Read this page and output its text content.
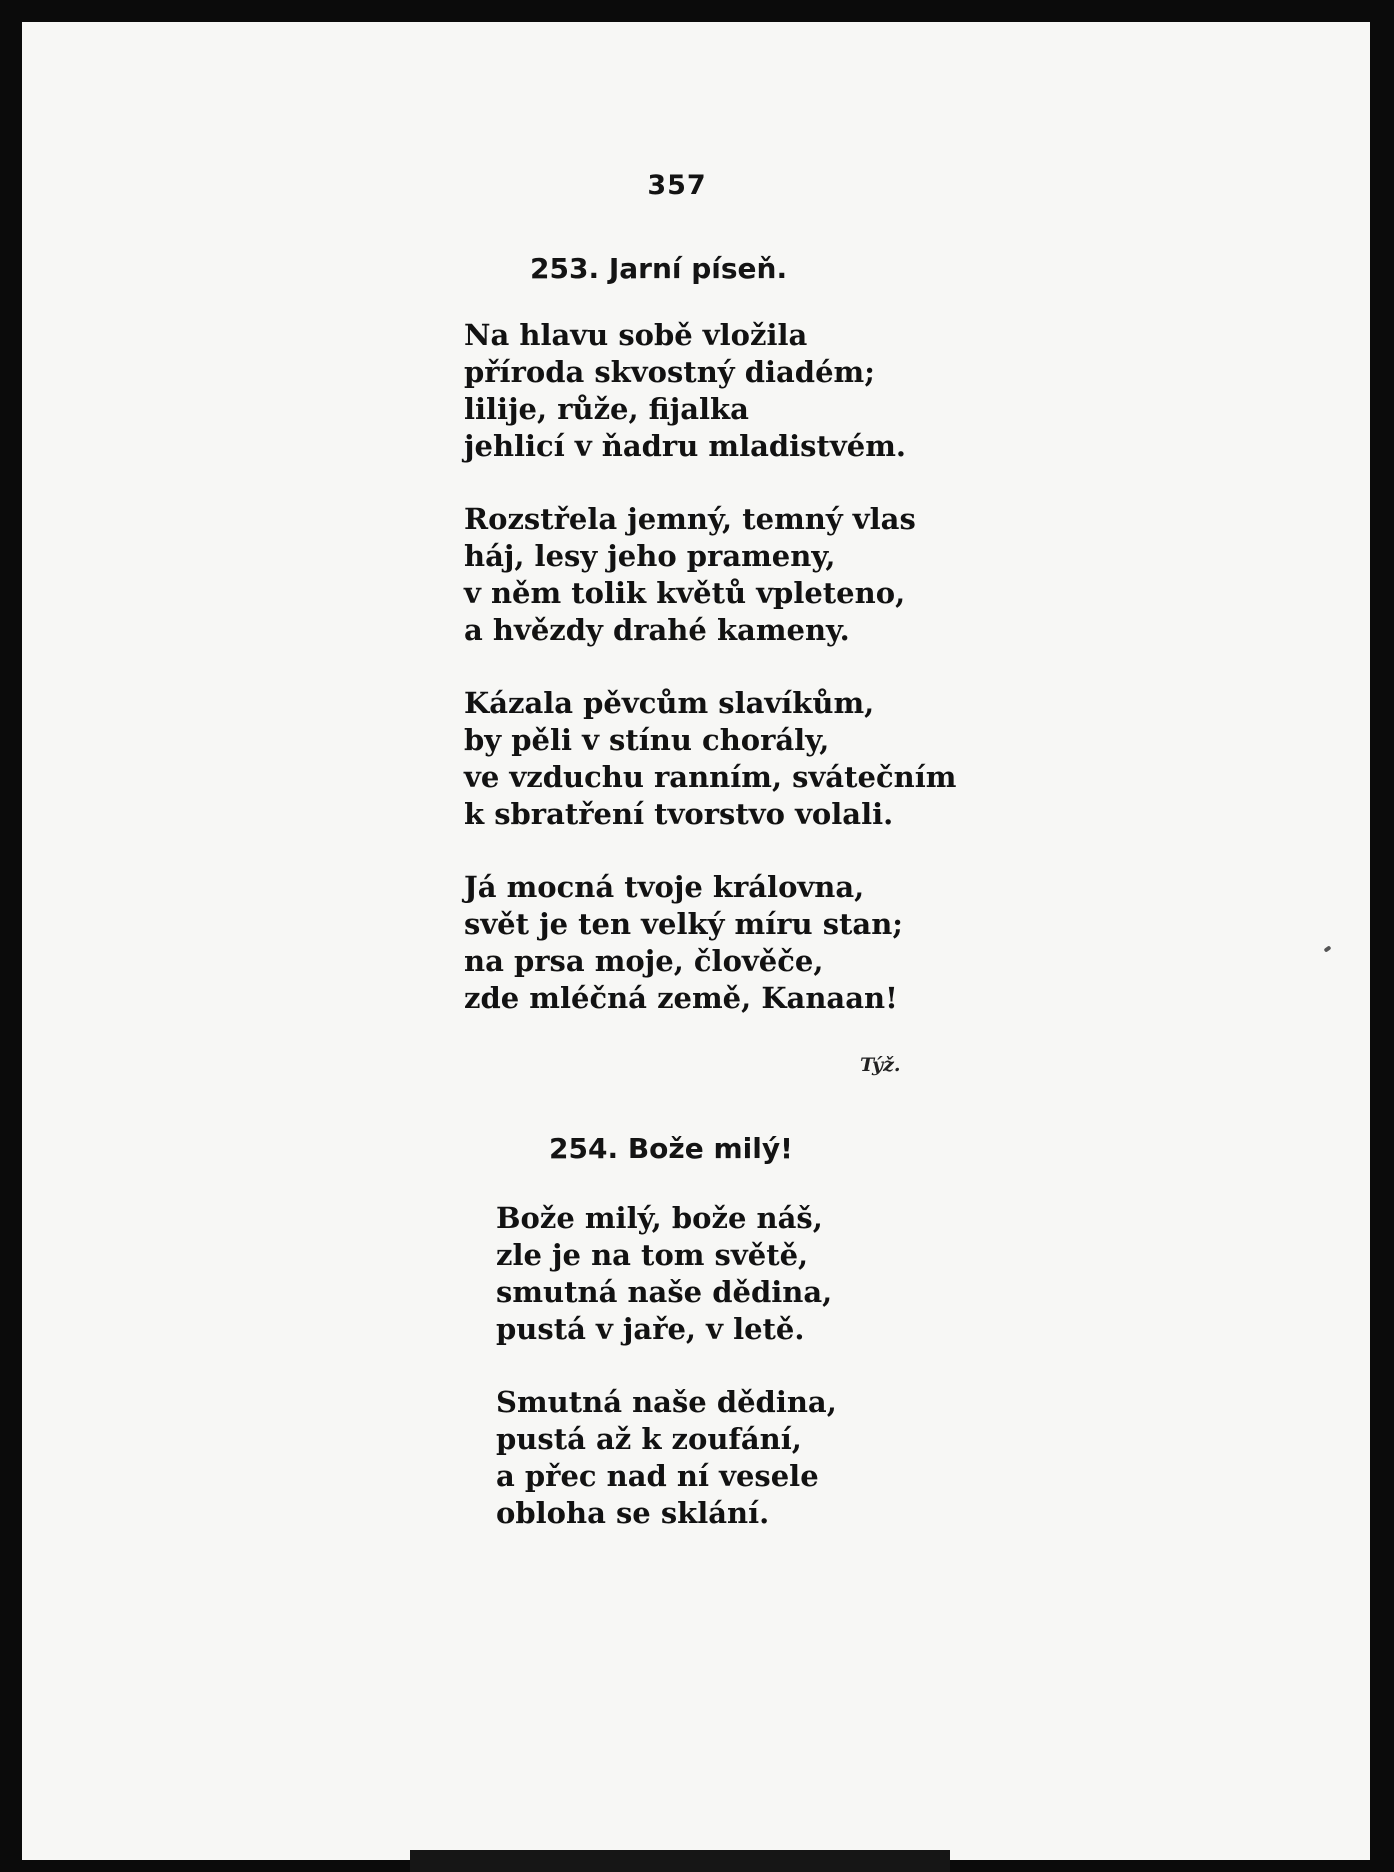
357
253. Jarní píseň.
Na hlavu sobě vložila
příroda skvostný diadém;
lilije, růže, fijalka
jehlicí v ňadru mladistvém.
Rozstřela jemný, temný vlas
háj, lesy jeho prameny,
v něm tolik květů vpleteno,
a hvězdy drahé kameny.
Kázala pěvcům slavíkům,
by pěli v stínu chorály,
ve vzduchu ranním, svátečním
k sbratření tvorstvo volali.
Já mocná tvoje královna,
svět je ten velký míru stan;
na prsa moje, člověče,
zde mléčná země, Kanaan!
Týž.
254. Bože milý!
Bože milý, bože náš,
zle je na tom světě,
smutná naše dědina,
pustá v jaře, v letě.
Smutná naše dědina,
pustá až k zoufání,
a přec nad ní vesele
obloha se sklání.
